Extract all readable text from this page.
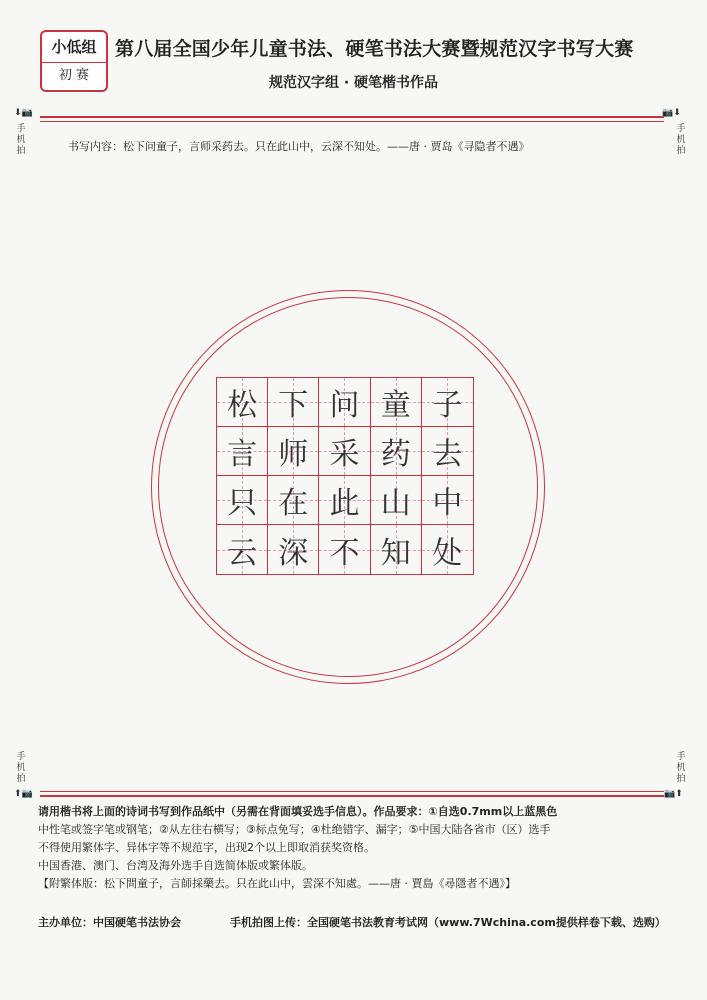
小低组
初 赛
第八届全国少年儿童书法、硬笔书法大赛暨规范汉字书写大赛
规范汉字组 · 硬笔楷书作品
⬇📷
手机拍
📷⬇
手机拍
书写内容：松下问童子，言师采药去。只在此山中，云深不知处。——唐 · 贾岛《寻隐者不遇》
松 下 问 童 子
言 师 采 药 去
只 在 此 山 中
云 深 不 知 处
手机拍
⬆📷
手机拍
📷⬆

请用楷书将上面的诗词书写到作品纸中（另需在背面填妥选手信息）。作品要求：①自选0.7mm以上蓝黑色

中性笔或签字笔或钢笔；②从左往右横写；③标点免写；④杜绝错字、漏字；⑤中国大陆各省市（区）选手

不得使用繁体字、异体字等不规范字，出现2个以上即取消获奖资格。

中国香港、澳门、台湾及海外选手自选简体版或繁体版。

【附繁体版：松下問童子，言師採藥去。只在此山中，雲深不知處。——唐 · 賈島《尋隱者不遇》】

主办单位：中国硬笔书法协会	手机拍图上传：全国硬笔书法教育考试网（www.7Wchina.com提供样卷下载、选购）
